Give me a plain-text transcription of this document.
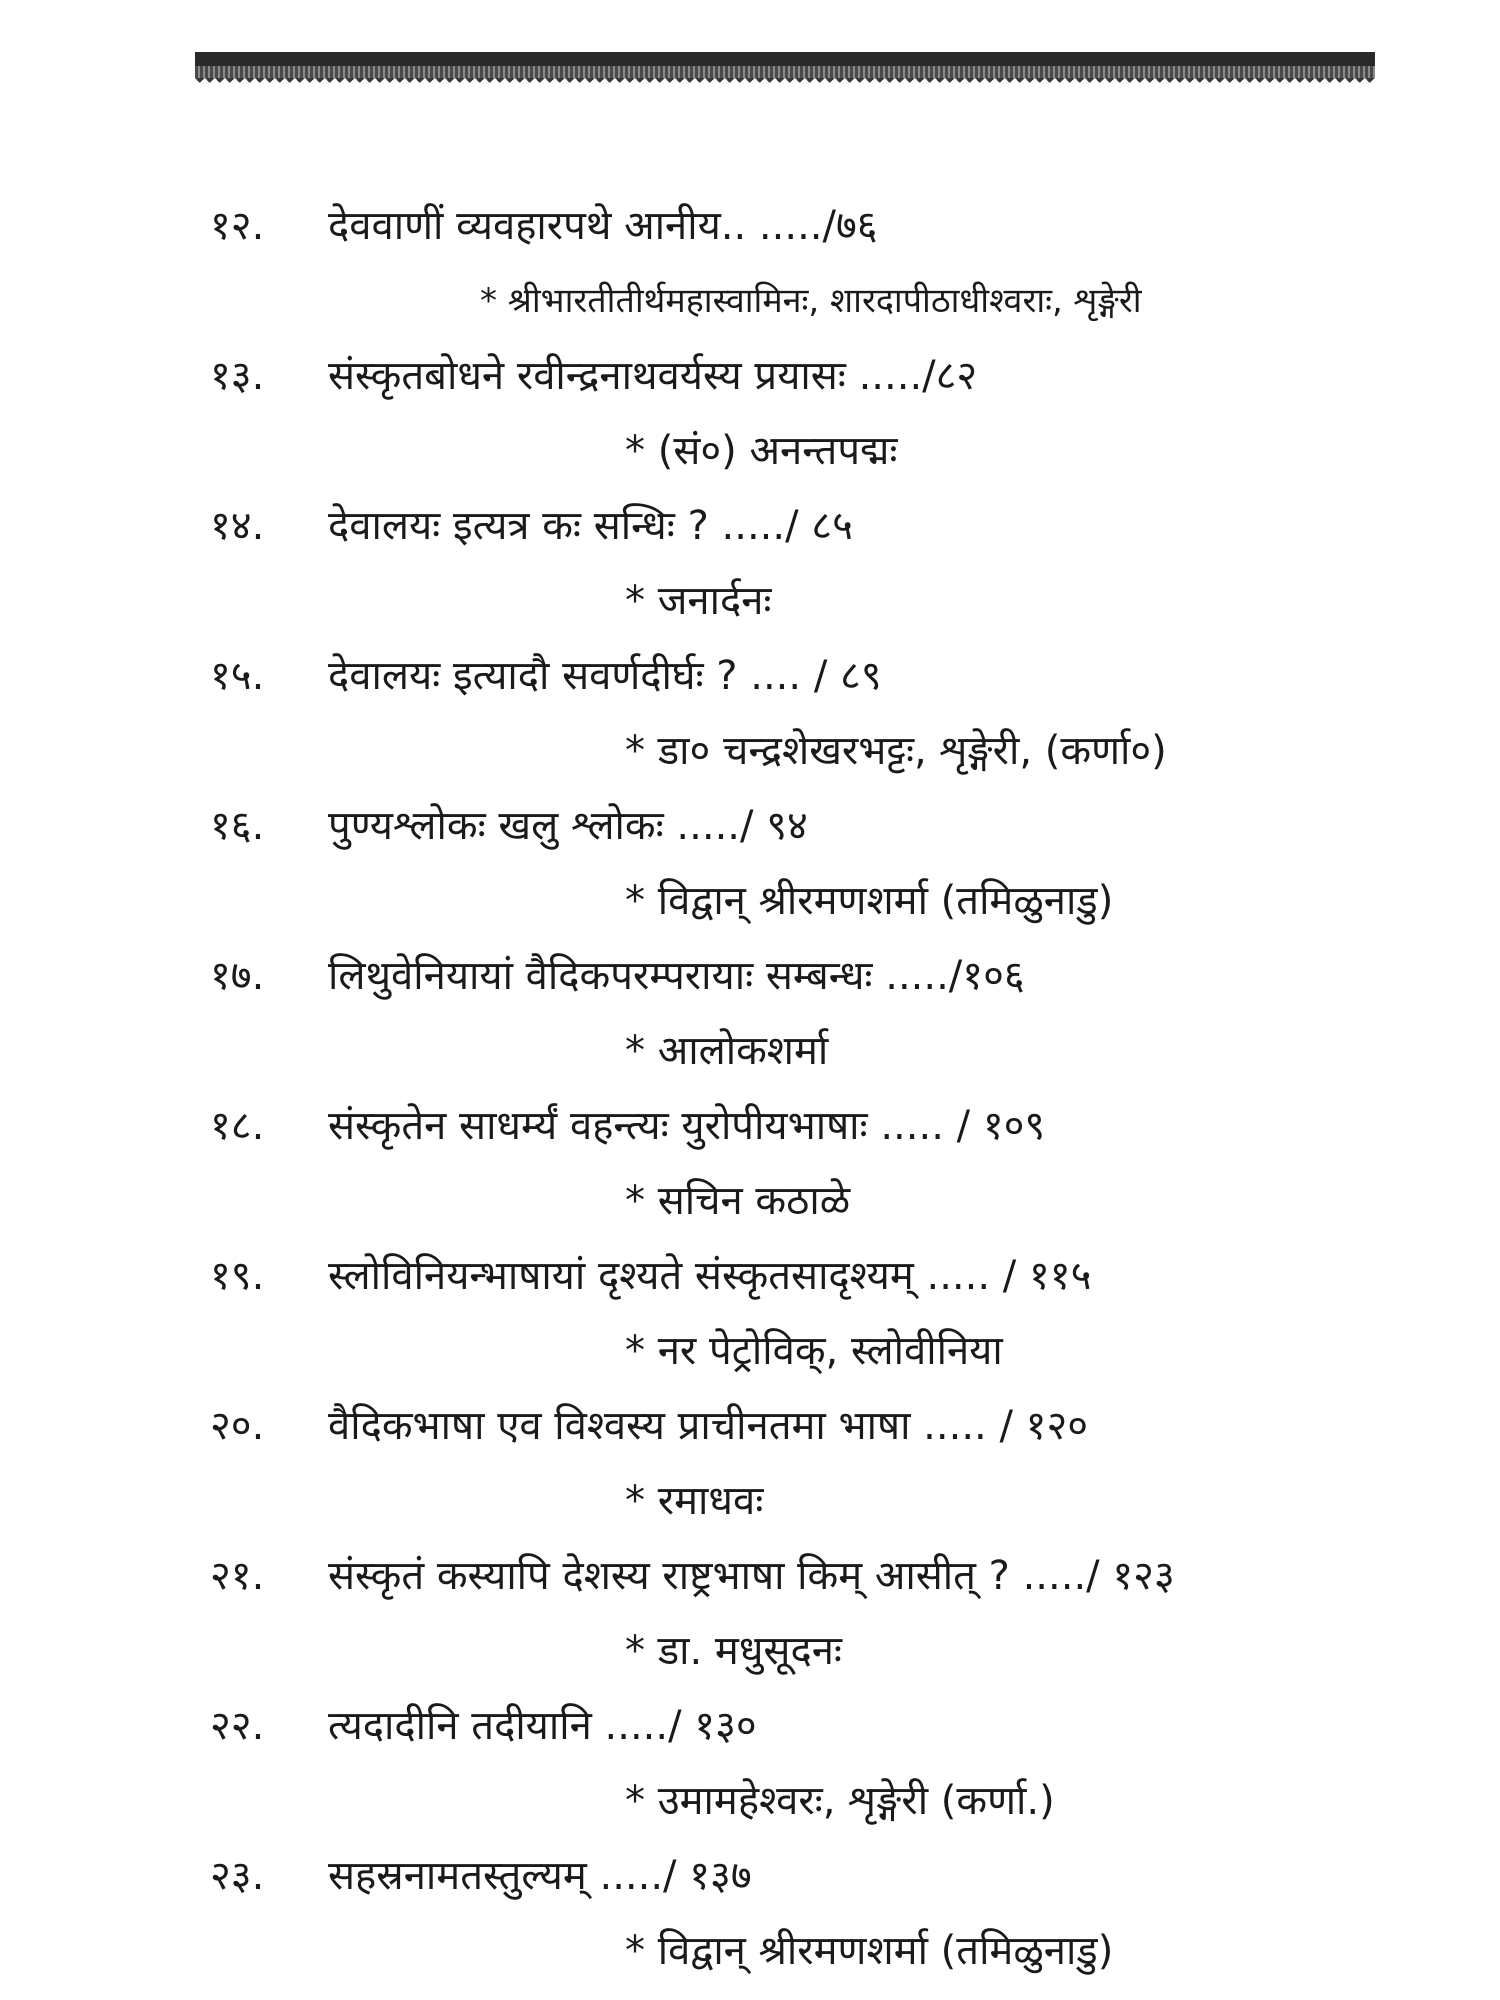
१२. देववाणीं व्यवहारपथे आनीय.. ...../७६
* श्रीभारतीतीर्थमहास्वामिनः, शारदापीठाधीश्वराः, शृङ्गेरी
१३. संस्कृतबोधने रवीन्द्रनाथवर्यस्य प्रयासः ...../८२
* (सं०) अनन्तपद्मः
१४. देवालयः इत्यत्र कः सन्धिः ? ...../ ८५
* जनार्दनः
१५. देवालयः इत्यादौ सवर्णदीर्घः ? .... / ८९
* डा० चन्द्रशेखरभट्टः, शृङ्गेरी, (कर्णा०)
१६. पुण्यश्लोकः खलु श्लोकः ...../ ९४
* विद्वान् श्रीरमणशर्मा (तमिळुनाडु)
१७. लिथुवेनियायां वैदिकपरम्परायाः सम्बन्धः ...../१०६
* आलोकशर्मा
१८. संस्कृतेन साधर्म्यं वहन्त्यः युरोपीयभाषाः ..... / १०९
* सचिन कठाळे
१९. स्लोविनियन्भाषायां दृश्यते संस्कृतसादृश्यम् ..... / ११५
* नर पेट्रोविक्, स्लोवीनिया
२०. वैदिकभाषा एव विश्वस्य प्राचीनतमा भाषा ..... / १२०
* रमाधवः
२१. संस्कृतं कस्यापि देशस्य राष्ट्रभाषा किम् आसीत् ? ...../ १२३
* डा. मधुसूदनः
२२. त्यदादीनि तदीयानि ...../ १३०
* उमामहेश्वरः, शृङ्गेरी (कर्णा.)
२३. सहस्रनामतस्तुल्यम् ...../ १३७
* विद्वान् श्रीरमणशर्मा (तमिळुनाडु)
